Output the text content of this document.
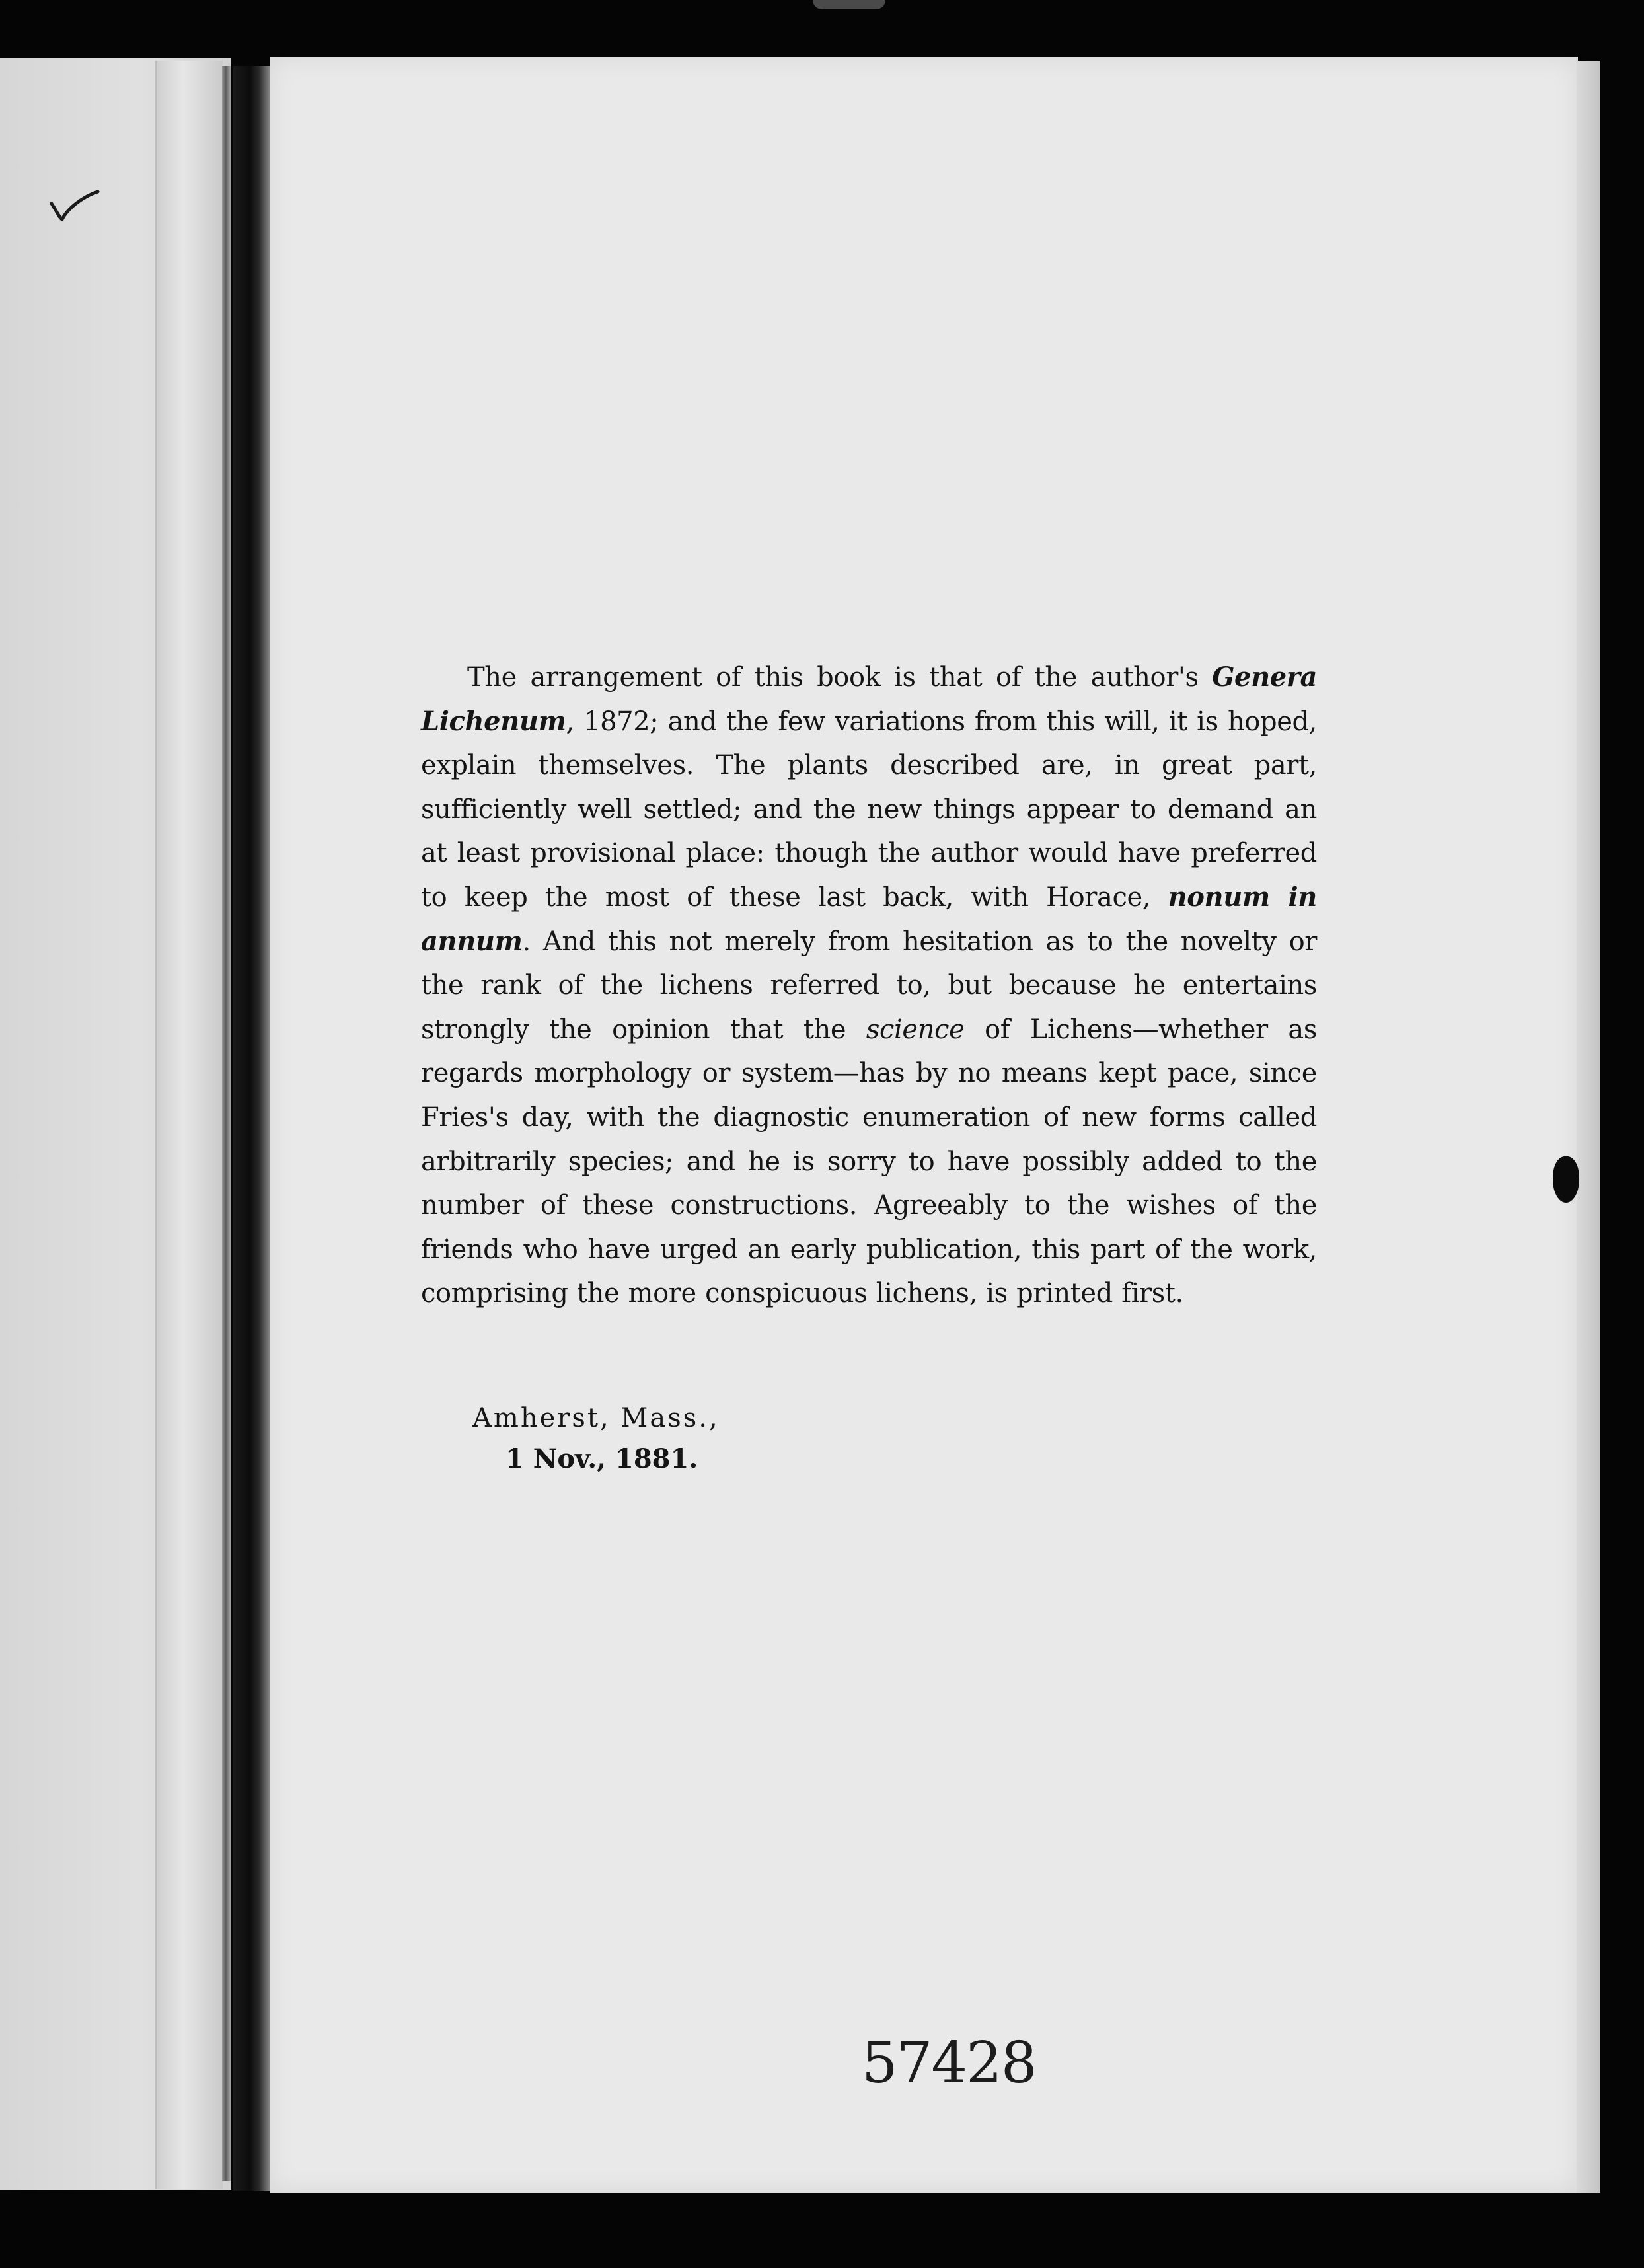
The arrangement of this book is that of the author's Genera Lichenum, 1872; and the few variations from this will, it is hoped, explain themselves. The plants described are, in great part, sufficiently well settled; and the new things appear to demand an at least provisional place: though the author would have preferred to keep the most of these last back, with Horace, nonum in annum. And this not merely from hesitation as to the novelty or the rank of the lichens referred to, but because he entertains strongly the opinion that the science of Lichens—whether as regards morphology or system—has by no means kept pace, since Fries's day, with the diagnostic enumeration of new forms called arbitrarily species; and he is sorry to have possibly added to the number of these constructions. Agreeably to the wishes of the friends who have urged an early publication, this part of the work, comprising the more conspicuous lichens, is printed first.

Amherst, Mass.,
1 Nov., 1881.
57428
